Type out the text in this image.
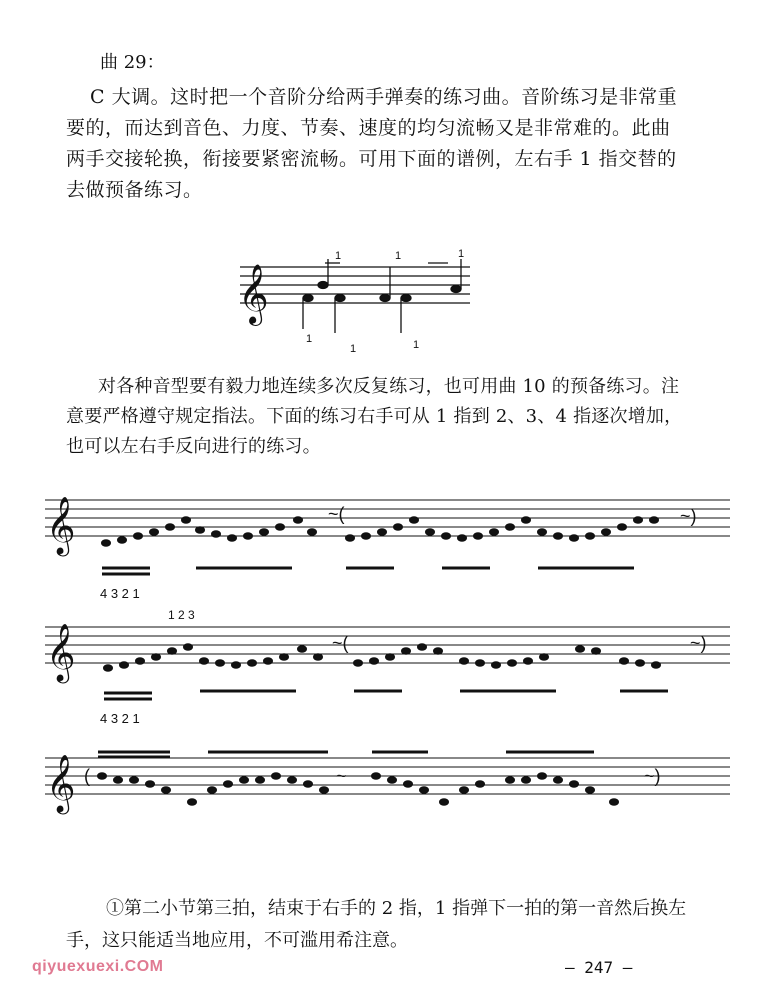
曲 29：
C 大调。这时把一个音阶分给两手弹奏的练习曲。音阶练习是非常重要的，而达到音色、力度、节奏、速度的均匀流畅又是非常难的。此曲两手交接轮换，衔接要紧密流畅。可用下面的谱例，左右手 1 指交替的去做预备练习。
𝄞
1	1	1
1
1	1
对各种音型要有毅力地连续多次反复练习，也可用曲 10 的预备练习。注意要严格遵守规定指法。下面的练习右手可从 1 指到 2、3、4 指逐次增加，也可以左右手反向进行的练习。
𝄞
4 3 2 1
~(	~)
𝄞
1 2 3
4 3 2 1
~(	~)
𝄞 (	~	~)
①第二小节第三拍，结束于右手的 2 指，1 指弹下一拍的第一音然后换左手，这只能适当地应用，不可滥用希注意。
qiyuexuexi.COM	— 247 —
